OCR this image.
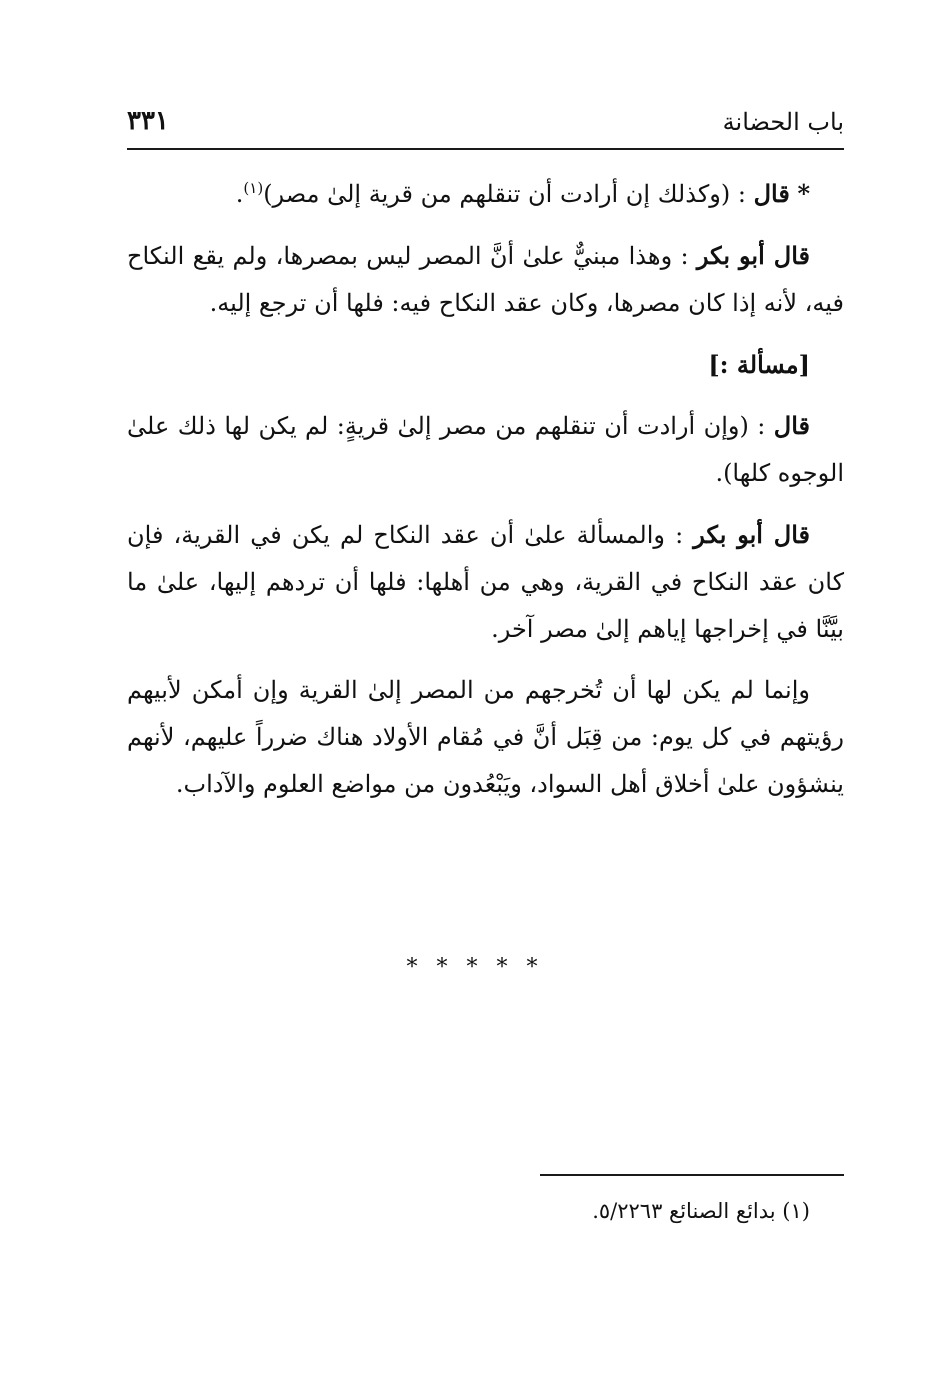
باب الحضانة
٣٣١

* قال : (وكذلك إن أرادت أن تنقلهم من قرية إلىٰ مصر)$^{(١)}$.

قال أبو بكر : وهذا مبنيٌّ علىٰ أنَّ المصر ليس بمصرها، ولم يقع النكاح فيه، لأنه إذا كان مصرها، وكان عقد النكاح فيه: فلها أن ترجع إليه.

[مسألة :]

قال : (وإن أرادت أن تنقلهم من مصر إلىٰ قريةٍ: لم يكن لها ذلك علىٰ الوجوه كلها).

قال أبو بكر : والمسألة علىٰ أن عقد النكاح لم يكن في القرية، فإن كان عقد النكاح في القرية، وهي من أهلها: فلها أن تردهم إليها، علىٰ ما بيَّنَّا في إخراجها إياهم إلىٰ مصر آخر.

وإنما لم يكن لها أن تُخرجهم من المصر إلىٰ القرية وإن أمكن لأبيهم رؤيتهم في كل يوم: من قِبَل أنَّ في مُقام الأولاد هناك ضرراً عليهم، لأنهم ينشؤون علىٰ أخلاق أهل السواد، ويَبْعُدون من مواضع العلوم والآداب.

* * * * *
(١) بدائع الصنائع ٥/٢٢٦٣.
